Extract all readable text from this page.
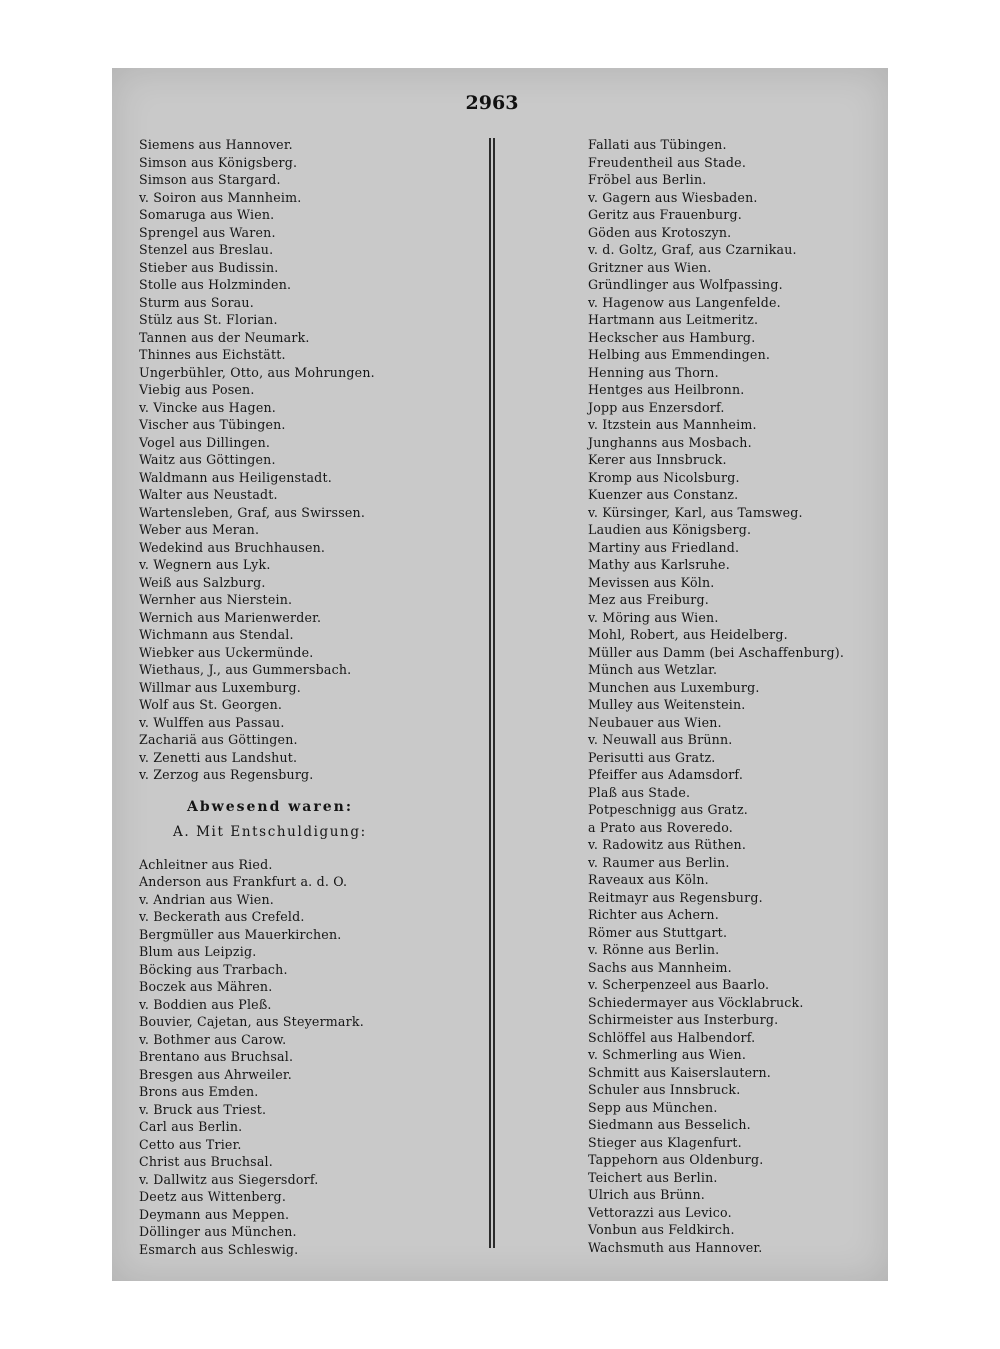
2963
Siemens aus Hannover.
Simson aus Königsberg.
Simson aus Stargard.
v. Soiron aus Mannheim.
Somaruga aus Wien.
Sprengel aus Waren.
Stenzel aus Breslau.
Stieber aus Budissin.
Stolle aus Holzminden.
Sturm aus Sorau.
Stülz aus St. Florian.
Tannen aus der Neumark.
Thinnes aus Eichstätt.
Ungerbühler, Otto, aus Mohrungen.
Viebig aus Posen.
v. Vincke aus Hagen.
Vischer aus Tübingen.
Vogel aus Dillingen.
Waitz aus Göttingen.
Waldmann aus Heiligenstadt.
Walter aus Neustadt.
Wartensleben, Graf, aus Swirssen.
Weber aus Meran.
Wedekind aus Bruchhausen.
v. Wegnern aus Lyk.
Weiß aus Salzburg.
Wernher aus Nierstein.
Wernich aus Marienwerder.
Wichmann aus Stendal.
Wiebker aus Uckermünde.
Wiethaus, J., aus Gummersbach.
Willmar aus Luxemburg.
Wolf aus St. Georgen.
v. Wulffen aus Passau.
Zachariä aus Göttingen.
v. Zenetti aus Landshut.
v. Zerzog aus Regensburg.
Abwesend waren:
A. Mit Entschuldigung:
Achleitner aus Ried.
Anderson aus Frankfurt a. d. O.
v. Andrian aus Wien.
v. Beckerath aus Crefeld.
Bergmüller aus Mauerkirchen.
Blum aus Leipzig.
Böcking aus Trarbach.
Boczek aus Mähren.
v. Boddien aus Pleß.
Bouvier, Cajetan, aus Steyermark.
v. Bothmer aus Carow.
Brentano aus Bruchsal.
Bresgen aus Ahrweiler.
Brons aus Emden.
v. Bruck aus Triest.
Carl aus Berlin.
Cetto aus Trier.
Christ aus Bruchsal.
v. Dallwitz aus Siegersdorf.
Deetz aus Wittenberg.
Deymann aus Meppen.
Döllinger aus München.
Esmarch aus Schleswig.
Fallati aus Tübingen.
Freudentheil aus Stade.
Fröbel aus Berlin.
v. Gagern aus Wiesbaden.
Geritz aus Frauenburg.
Göden aus Krotoszyn.
v. d. Goltz, Graf, aus Czarnikau.
Gritzner aus Wien.
Gründlinger aus Wolfpassing.
v. Hagenow aus Langenfelde.
Hartmann aus Leitmeritz.
Heckscher aus Hamburg.
Helbing aus Emmendingen.
Henning aus Thorn.
Hentges aus Heilbronn.
Jopp aus Enzersdorf.
v. Itzstein aus Mannheim.
Junghanns aus Mosbach.
Kerer aus Innsbruck.
Kromp aus Nicolsburg.
Kuenzer aus Constanz.
v. Kürsinger, Karl, aus Tamsweg.
Laudien aus Königsberg.
Martiny aus Friedland.
Mathy aus Karlsruhe.
Mevissen aus Köln.
Mez aus Freiburg.
v. Möring aus Wien.
Mohl, Robert, aus Heidelberg.
Müller aus Damm (bei Aschaffenburg).
Münch aus Wetzlar.
Munchen aus Luxemburg.
Mulley aus Weitenstein.
Neubauer aus Wien.
v. Neuwall aus Brünn.
Perisutti aus Gratz.
Pfeiffer aus Adamsdorf.
Plaß aus Stade.
Potpeschnigg aus Gratz.
a Prato aus Roveredo.
v. Radowitz aus Rüthen.
v. Raumer aus Berlin.
Raveaux aus Köln.
Reitmayr aus Regensburg.
Richter aus Achern.
Römer aus Stuttgart.
v. Rönne aus Berlin.
Sachs aus Mannheim.
v. Scherpenzeel aus Baarlo.
Schiedermayer aus Vöcklabruck.
Schirmeister aus Insterburg.
Schlöffel aus Halbendorf.
v. Schmerling aus Wien.
Schmitt aus Kaiserslautern.
Schuler aus Innsbruck.
Sepp aus München.
Siedmann aus Besselich.
Stieger aus Klagenfurt.
Tappehorn aus Oldenburg.
Teichert aus Berlin.
Ulrich aus Brünn.
Vettorazzi aus Levico.
Vonbun aus Feldkirch.
Wachsmuth aus Hannover.
